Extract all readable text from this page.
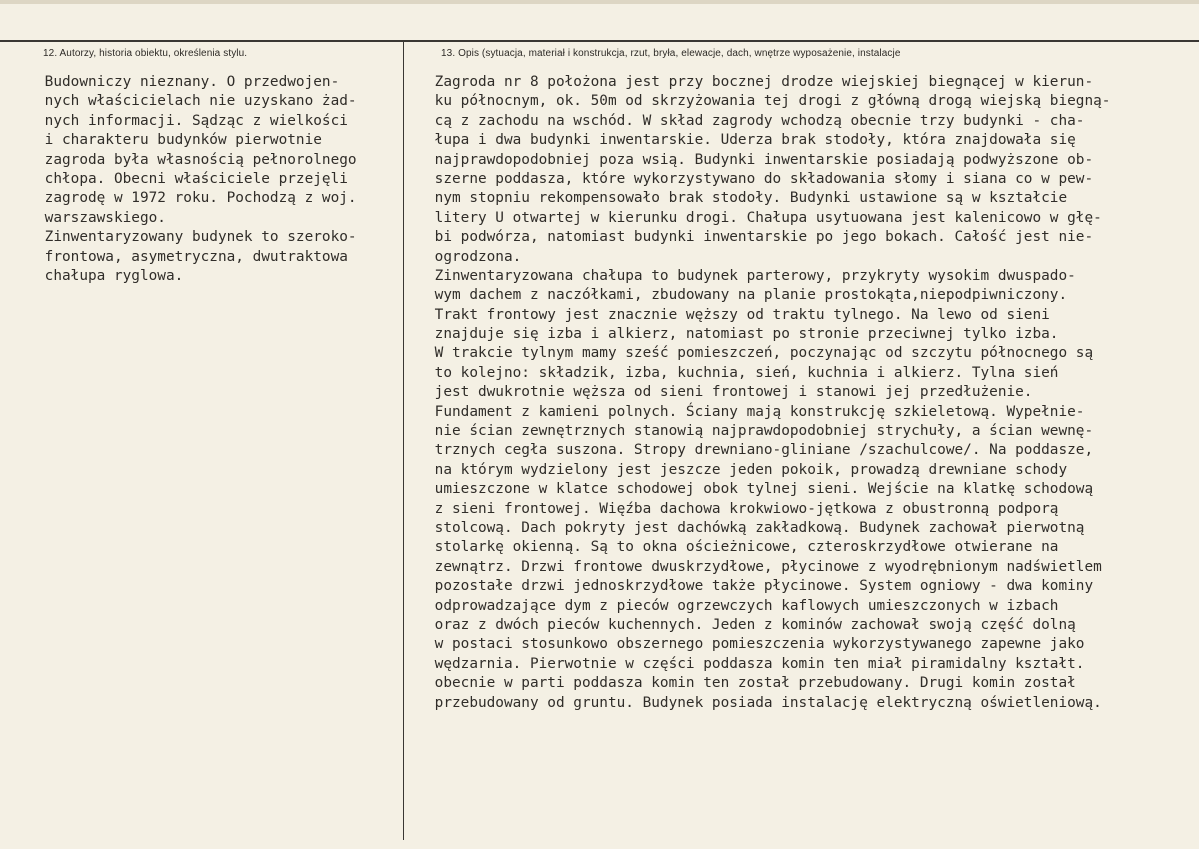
12. Autorzy, historia obiektu, określenia stylu.	13. Opis (sytuacja, materiał i konstrukcja, rzut, bryła, elewacje, dach, wnętrze wyposażenie, instalacje
Budowniczy nieznany. O przedwojen-
nych właścicielach nie uzyskano żad-
nych informacji. Sądząc z wielkości
i charakteru budynków pierwotnie
zagroda była własnością pełnorolnego
chłopa. Obecni właściciele przejęli
zagrodę w 1972 roku. Pochodzą z woj.
warszawskiego.
Zinwentaryzowany budynek to szeroko-
frontowa, asymetryczna, dwutraktowa
chałupa ryglowa.
Zagroda nr 8 położona jest przy bocznej drodze wiejskiej biegnącej w kierun-
ku północnym, ok. 50m od skrzyżowania tej drogi z główną drogą wiejską biegną-
cą z zachodu na wschód. W skład zagrody wchodzą obecnie trzy budynki - cha-
łupa i dwa budynki inwentarskie. Uderza brak stodoły, która znajdowała się
najprawdopodobniej poza wsią. Budynki inwentarskie posiadają podwyższone ob-
szerne poddasza, które wykorzystywano do składowania słomy i siana co w pew-
nym stopniu rekompensowało brak stodoły. Budynki ustawione są w kształcie
litery U otwartej w kierunku drogi. Chałupa usytuowana jest kalenicowo w głę-
bi podwórza, natomiast budynki inwentarskie po jego bokach. Całość jest nie-
ogrodzona.
Zinwentaryzowana chałupa to budynek parterowy, przykryty wysokim dwuspado-
wym dachem z naczółkami, zbudowany na planie prostokąta,niepodpiwniczony.
Trakt frontowy jest znacznie węższy od traktu tylnego. Na lewo od sieni
znajduje się izba i alkierz, natomiast po stronie przeciwnej tylko izba.
W trakcie tylnym mamy sześć pomieszczeń, poczynając od szczytu północnego są
to kolejno: składzik, izba, kuchnia, sień, kuchnia i alkierz. Tylna sień
jest dwukrotnie węższa od sieni frontowej i stanowi jej przedłużenie.
Fundament z kamieni polnych. Ściany mają konstrukcję szkieletową. Wypełnie-
nie ścian zewnętrznych stanowią najprawdopodobniej strychuły, a ścian wewnę-
trznych cegła suszona. Stropy drewniano-gliniane /szachulcowe/. Na poddasze,
na którym wydzielony jest jeszcze jeden pokoik, prowadzą drewniane schody
umieszczone w klatce schodowej obok tylnej sieni. Wejście na klatkę schodową
z sieni frontowej. Więźba dachowa krokwiowo-jętkowa z obustronną podporą
stolcową. Dach pokryty jest dachówką zakładkową. Budynek zachował pierwotną
stolarkę okienną. Są to okna ościeżnicowe, czteroskrzydłowe otwierane na
zewnątrz. Drzwi frontowe dwuskrzydłowe, płycinowe z wyodrębnionym nadświetlem
pozostałe drzwi jednoskrzydłowe także płycinowe. System ogniowy - dwa kominy
odprowadzające dym z pieców ogrzewczych kaflowych umieszczonych w izbach
oraz z dwóch pieców kuchennych. Jeden z kominów zachował swoją część dolną
w postaci stosunkowo obszernego pomieszczenia wykorzystywanego zapewne jako
wędzarnia. Pierwotnie w części poddasza komin ten miał piramidalny kształt.
obecnie w parti poddasza komin ten został przebudowany. Drugi komin został
przebudowany od gruntu. Budynek posiada instalację elektryczną oświetleniową.
